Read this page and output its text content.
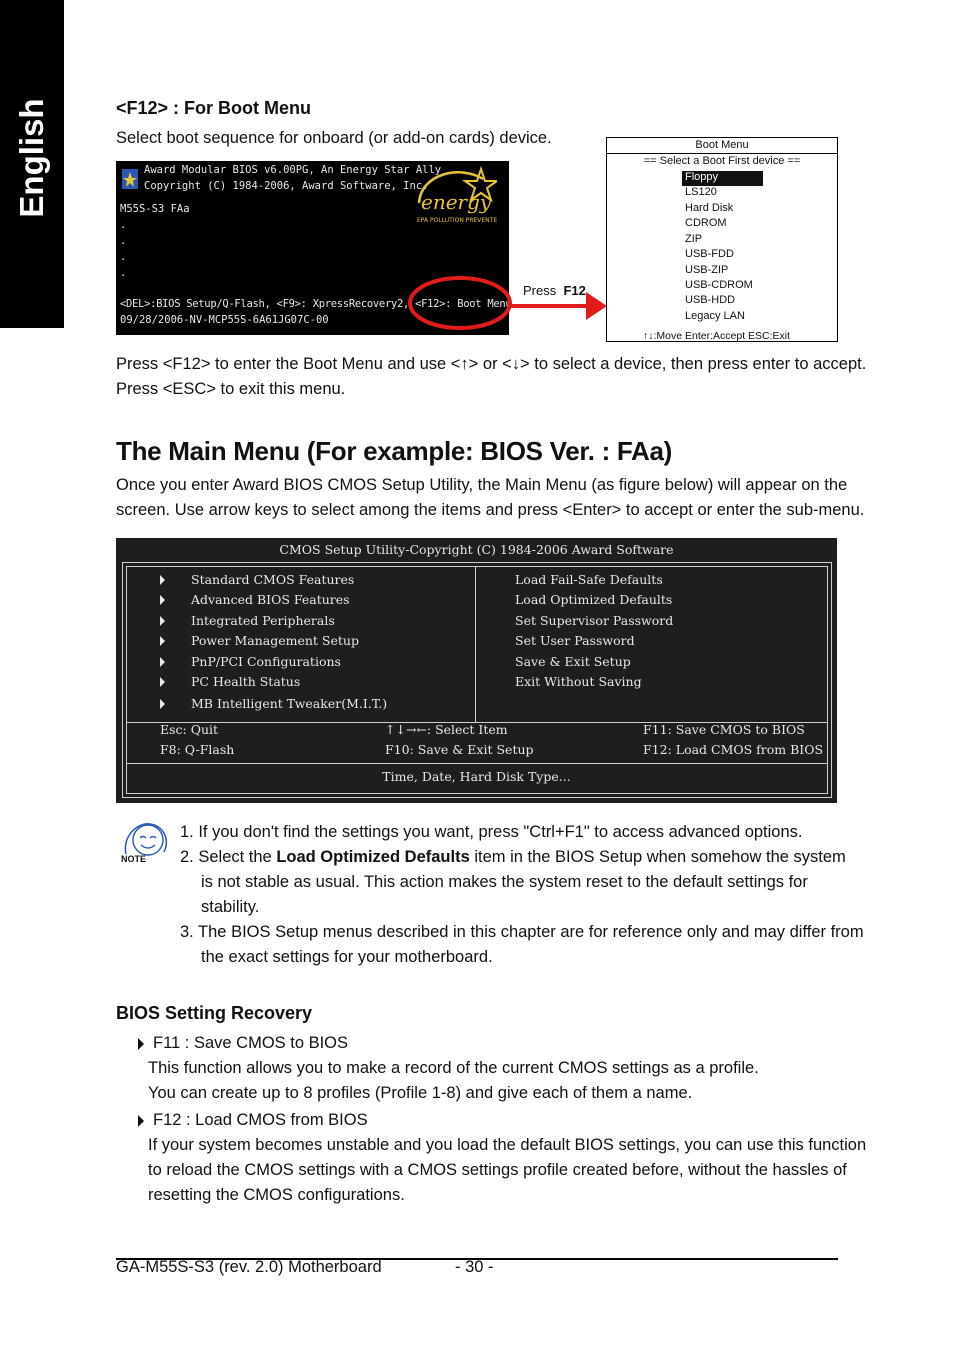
English	<F12> : For Boot Menu
Select boot sequence for onboard (or add-on cards) device.
Award Modular BIOS v6.00PG, An Energy Star Ally
Copyright (C) 1984-2006, Award Software, Inc.
M55S-S3 FAa
.
.
.
.
energy
EPA POLLUTION PREVENTER
<DEL>:BIOS Setup/Q-Flash, <F9>: XpressRecovery2, <F12>: Boot Menu
09/28/2006-NV-MCP55S-6A61JG07C-00
Press F12
Boot Menu
== Select a Boot First device ==
Floppy
LS120
Hard Disk
CDROM
ZIP
USB-FDD
USB-ZIP
USB-CDROM
USB-HDD
Legacy LAN
↑↓:Move Enter:Accept ESC:Exit
Press <F12> to enter the Boot Menu and use <↑> or <↓> to select a device, then press enter to accept.
Press <ESC> to exit this menu.
The Main Menu (For example: BIOS Ver. : FAa)
Once you enter Award BIOS CMOS Setup Utility, the Main Menu (as figure below) will appear on the
screen. Use arrow keys to select among the items and press <Enter> to accept or enter the sub-menu.
CMOS Setup Utility-Copyright (C) 1984-2006 Award Software
Standard CMOS Features
Advanced BIOS Features
Integrated Peripherals
Power Management Setup
PnP/PCI Configurations
PC Health Status
MB Intelligent Tweaker(M.I.T.)
Load Fail-Safe Defaults
Load Optimized Defaults
Set Supervisor Password
Set User Password
Save & Exit Setup
Exit Without Saving
Esc: Quit	↑↓→←: Select Item	F11: Save CMOS to BIOS
F8: Q-Flash	F10: Save & Exit Setup	F12: Load CMOS from BIOS
Time, Date, Hard Disk Type...
NOTE
1. If you don't find the settings you want, press "Ctrl+F1" to access advanced options.
2. Select the Load Optimized Defaults item in the BIOS Setup when somehow the system
is not stable as usual. This action makes the system reset to the default settings for
stability.
3. The BIOS Setup menus described in this chapter are for reference only and may differ from
the exact settings for your motherboard.
BIOS Setting Recovery
F11 : Save CMOS to BIOS
This function allows you to make a record of the current CMOS settings as a profile.
You can create up to 8 profiles (Profile 1-8) and give each of them a name.
F12 : Load CMOS from BIOS
If your system becomes unstable and you load the default BIOS settings, you can use this function
to reload the CMOS settings with a CMOS settings profile created before, without the hassles of
resetting the CMOS configurations.
GA-M55S-S3 (rev. 2.0) Motherboard	- 30 -
